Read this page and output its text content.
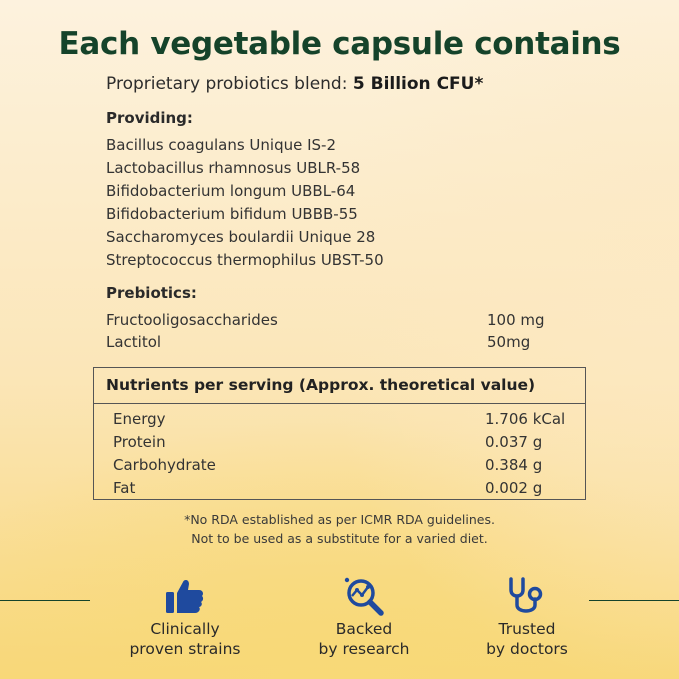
Each vegetable capsule contains
Proprietary probiotics blend: 5 Billion CFU*
Providing:
Bacillus coagulans Unique IS-2
Lactobacillus rhamnosus UBLR-58
Bifidobacterium longum UBBL-64
Bifidobacterium bifidum UBBB-55
Saccharomyces boulardii Unique 28
Streptococcus thermophilus UBST-50
Prebiotics:
Fructooligosaccharides	100 mg
Lactitol	50mg
Nutrients per serving (Approx. theoretical value)
Energy	1.706 kCal
Protein	0.037 g
Carbohydrate	0.384 g
Fat	0.002 g
*No RDA established as per ICMR RDA guidelines.
Not to be used as a substitute for a varied diet.
Clinically
proven strains
Backed
by research
Trusted
by doctors
